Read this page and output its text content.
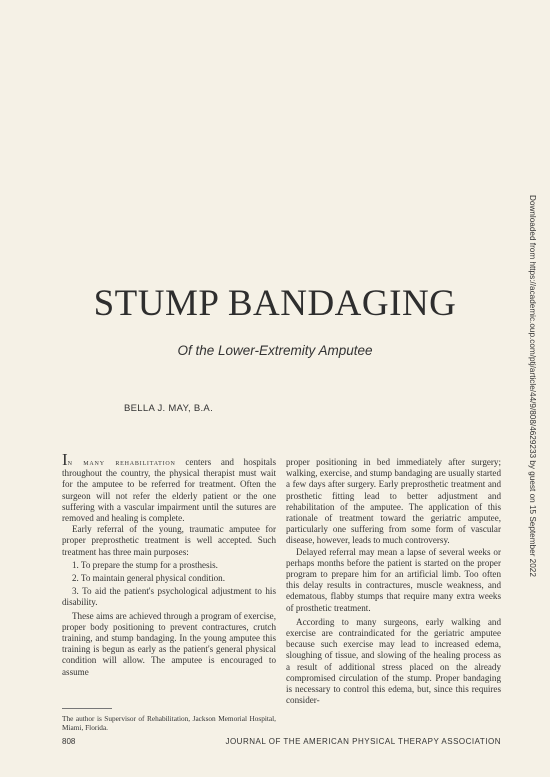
STUMP BANDAGING
Of the Lower-Extremity Amputee
BELLA J. MAY, B.A.

In many rehabilitation centers and hospitals throughout the country, the physical therapist must wait for the amputee to be referred for treatment. Often the surgeon will not refer the elderly patient or the one suffering with a vascular impairment until the sutures are removed and healing is complete.

Early referral of the young, traumatic amputee for proper preprosthetic treatment is well accepted. Such treatment has three main purposes:

1. To prepare the stump for a prosthesis.

2. To maintain general physical condition.

3. To aid the patient's psychological adjustment to his disability.

These aims are achieved through a program of exercise, proper body positioning to prevent contractures, crutch training, and stump bandaging. In the young amputee this training is begun as early as the patient's general physical condition will allow. The amputee is encouraged to assume

proper positioning in bed immediately after surgery; walking, exercise, and stump bandaging are usually started a few days after surgery. Early preprosthetic treatment and prosthetic fitting lead to better adjustment and rehabilitation of the amputee. The application of this rationale of treatment toward the geriatric amputee, particularly one suffering from some form of vascular disease, however, leads to much controversy.

Delayed referral may mean a lapse of several weeks or perhaps months before the patient is started on the proper program to prepare him for an artificial limb. Too often this delay results in contractures, muscle weakness, and edematous, flabby stumps that require many extra weeks of prosthetic treatment.

According to many surgeons, early walking and exercise are contraindicated for the geriatric amputee because such exercise may lead to increased edema, sloughing of tissue, and slowing of the healing process as a result of additional stress placed on the already compromised circulation of the stump. Proper bandaging is necessary to control this edema, but, since this requires consider-

The author is Supervisor of Rehabilitation, Jackson Memorial Hospital, Miami, Florida.
808	JOURNAL OF THE AMERICAN PHYSICAL THERAPY ASSOCIATION
Downloaded from https://academic.oup.com/ptj/article/44/9/808/4629233 by guest on 15 September 2022
